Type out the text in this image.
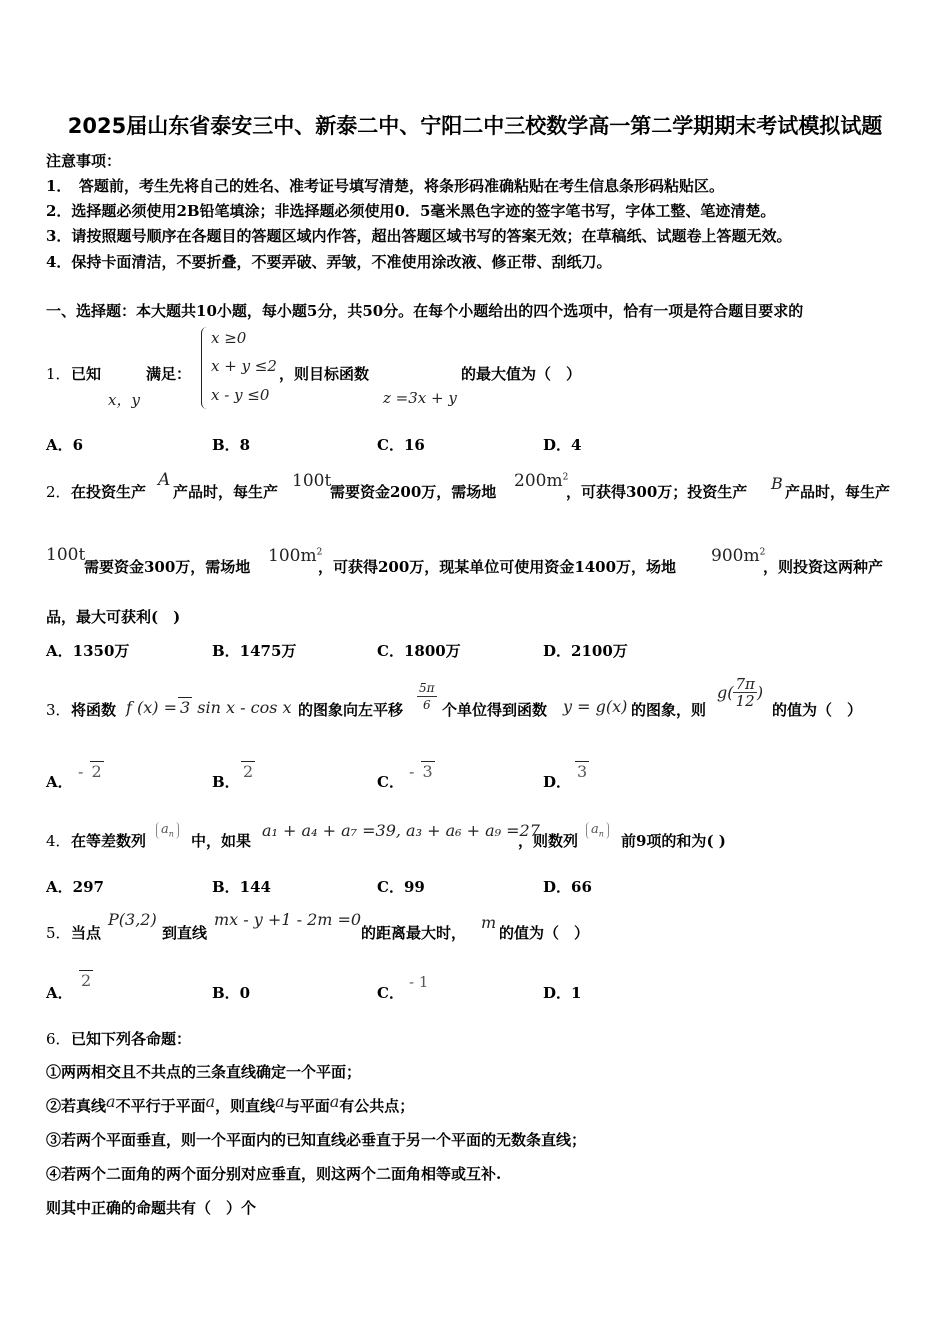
2025届山东省泰安三中、新泰二中、宁阳二中三校数学高一第二学期期末考试模拟试题
注意事项：
1．　答题前，考生先将自己的姓名、准考证号填写清楚，将条形码准确粘贴在考生信息条形码粘贴区。
2．选择题必须使用2B铅笔填涂；非选择题必须使用0．5毫米黑色字迹的签字笔书写，字体工整、笔迹清楚。
3．请按照题号顺序在各题目的答题区域内作答，超出答题区域书写的答案无效；在草稿纸、试题卷上答题无效。
4．保持卡面清洁，不要折叠，不要弄破、弄皱，不准使用涂改液、修正带、刮纸刀。
一、选择题：本大题共10小题，每小题5分，共50分。在每个小题给出的四个选项中，恰有一项是符合题目要求的
1． 已知
x，y
满足：
x ≥0
x + y ≤2
x - y ≤0
，则目标函数
z =3x + y
的最大值为（　）
A．6	B．8	C．16	D．4
2． 在投资生产
A
产品时，每生产
100t
需要资金200万，需场地
$200m^2$
，可获得300万；投资生产 B 产品时，每生产
100t
需要资金300万，需场地
$100m^2$
，可获得200万，现某单位可使用资金1400万，场地
$900m^2$
，则投资这两种产
品，最大可获利(　)
A．1350万	B．1475万	C．1800万	D．2100万
3． 将函数 f (x) = 3 sin x - cos x 的图象向左平移 $\frac{5\pi}{6}$ 个单位得到函数 y = g(x) 的图象，则
$g( \frac{7\pi}{12}$ )
的值为（　）
A．
- 2
B．
2
C．
- 3
D．
3
4． 在等差数列
$a_n$	中，如果
a₁ + a₄ + a₇ =39, a₃ + a₆ + a₉ =27
，则数列
$a_n$	前9项的和为( )
A．297	B．144	C．99	D．66
5． 当点
P(3,2)
到直线
mx - y +1 - 2m =0
的距离最大时，
m
的值为（　）
A．
2
B．0	C．
- 1
D．1
6． 已知下列各命题：
①两两相交且不共点的三条直线确定一个平面；
②若真线a不平行于平面a，则直线a与平面a有公共点；
③若两个平面垂直，则一个平面内的已知直线必垂直于另一个平面的无数条直线；
④若两个二面角的两个面分别对应垂直，则这两个二面角相等或互补.
则其中正确的命题共有（　）个
